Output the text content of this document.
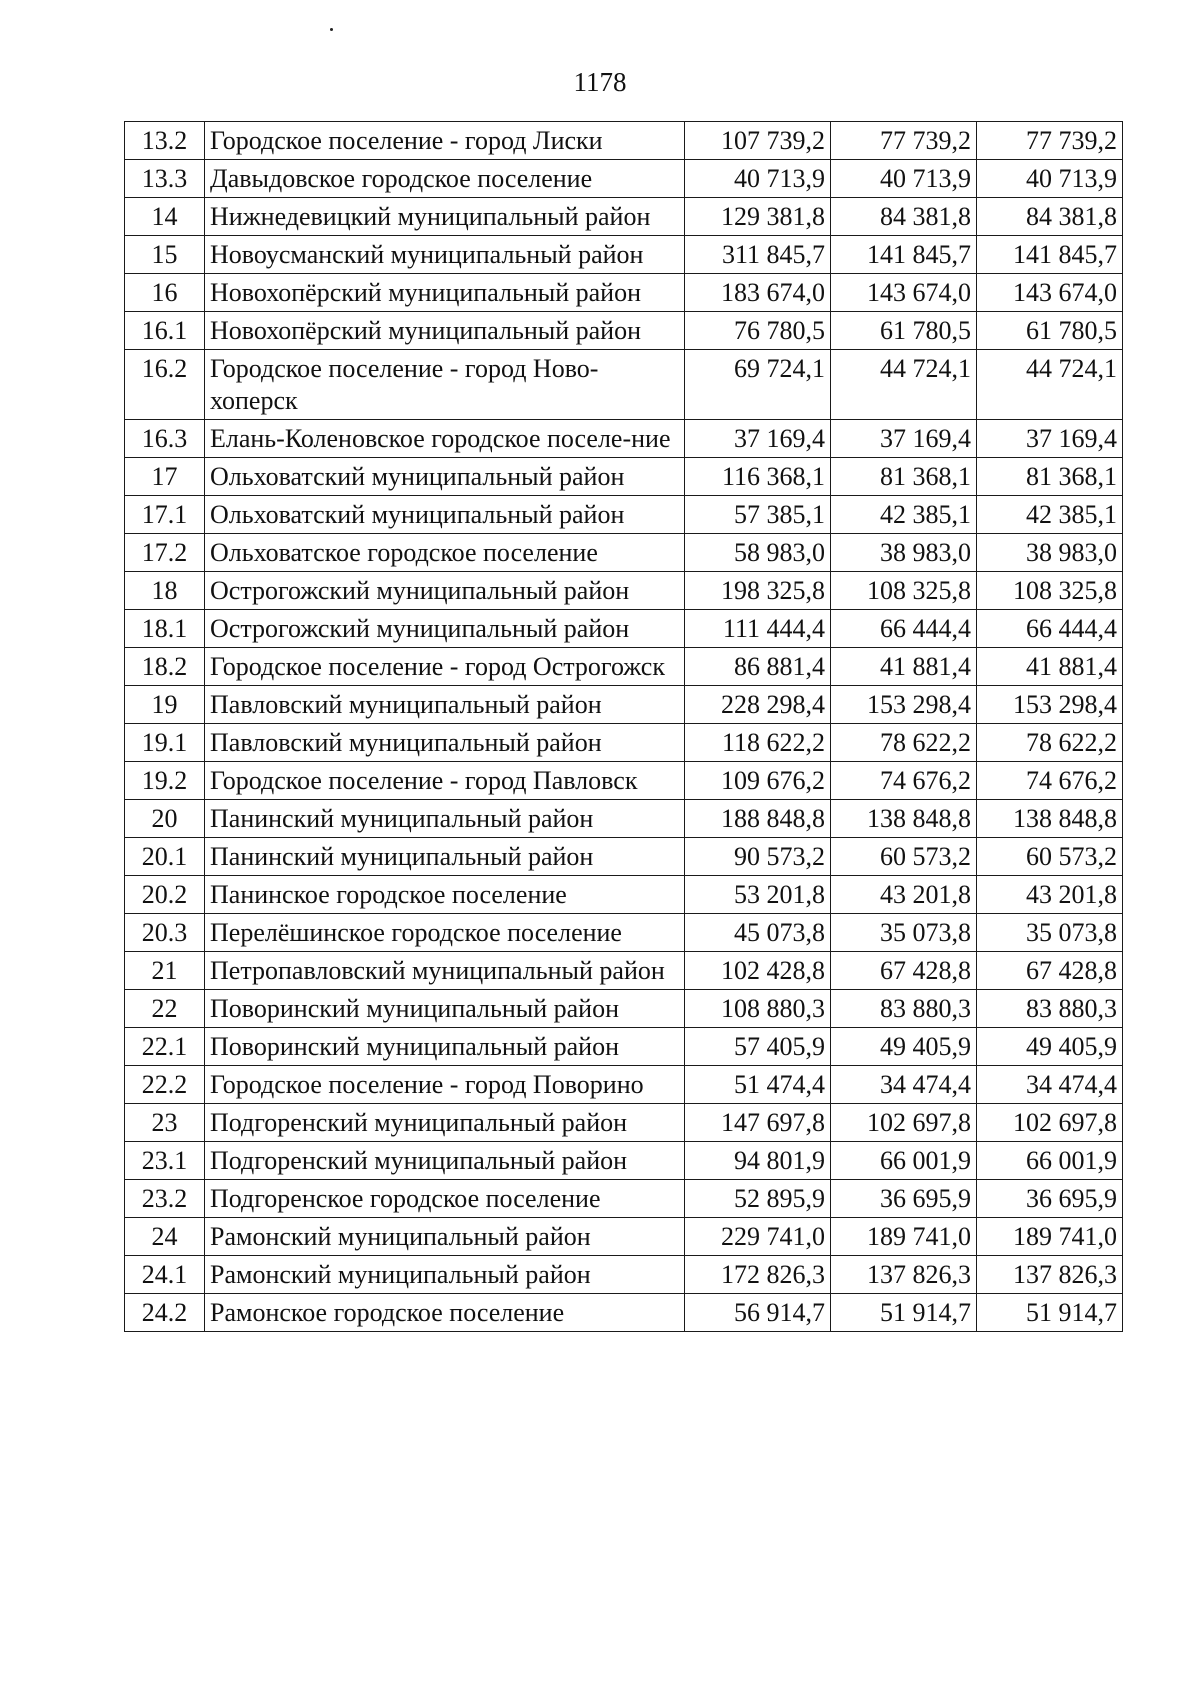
1178
13.2	Городское поселение - город Лиски	107 739,2	77 739,2	77 739,2
13.3	Давыдовское городское поселение	40 713,9	40 713,9	40 713,9
14	Нижнедевицкий муниципальный район	129 381,8	84 381,8	84 381,8
15	Новоусманский муниципальный район	311 845,7	141 845,7	141 845,7
16	Новохопёрский муниципальный район	183 674,0	143 674,0	143 674,0
16.1	Новохопёрский муниципальный район	76 780,5	61 780,5	61 780,5
16.2	Городское поселение - город Ново-хоперск	69 724,1	44 724,1	44 724,1
16.3	Елань-Коленовское городское поселе-ние	37 169,4	37 169,4	37 169,4
17	Ольховатский муниципальный район	116 368,1	81 368,1	81 368,1
17.1	Ольховатский муниципальный район	57 385,1	42 385,1	42 385,1
17.2	Ольховатское городское поселение	58 983,0	38 983,0	38 983,0
18	Острогожский муниципальный район	198 325,8	108 325,8	108 325,8
18.1	Острогожский муниципальный район	111 444,4	66 444,4	66 444,4
18.2	Городское поселение - город Острогожск	86 881,4	41 881,4	41 881,4
19	Павловский муниципальный район	228 298,4	153 298,4	153 298,4
19.1	Павловский муниципальный район	118 622,2	78 622,2	78 622,2
19.2	Городское поселение - город Павловск	109 676,2	74 676,2	74 676,2
20	Панинский муниципальный район	188 848,8	138 848,8	138 848,8
20.1	Панинский муниципальный район	90 573,2	60 573,2	60 573,2
20.2	Панинское городское поселение	53 201,8	43 201,8	43 201,8
20.3	Перелёшинское городское поселение	45 073,8	35 073,8	35 073,8
21	Петропавловский муниципальный район	102 428,8	67 428,8	67 428,8
22	Поворинский муниципальный район	108 880,3	83 880,3	83 880,3
22.1	Поворинский муниципальный район	57 405,9	49 405,9	49 405,9
22.2	Городское поселение - город Поворино	51 474,4	34 474,4	34 474,4
23	Подгоренский муниципальный район	147 697,8	102 697,8	102 697,8
23.1	Подгоренский муниципальный район	94 801,9	66 001,9	66 001,9
23.2	Подгоренское городское поселение	52 895,9	36 695,9	36 695,9
24	Рамонский муниципальный район	229 741,0	189 741,0	189 741,0
24.1	Рамонский муниципальный район	172 826,3	137 826,3	137 826,3
24.2	Рамонское городское поселение	56 914,7	51 914,7	51 914,7
